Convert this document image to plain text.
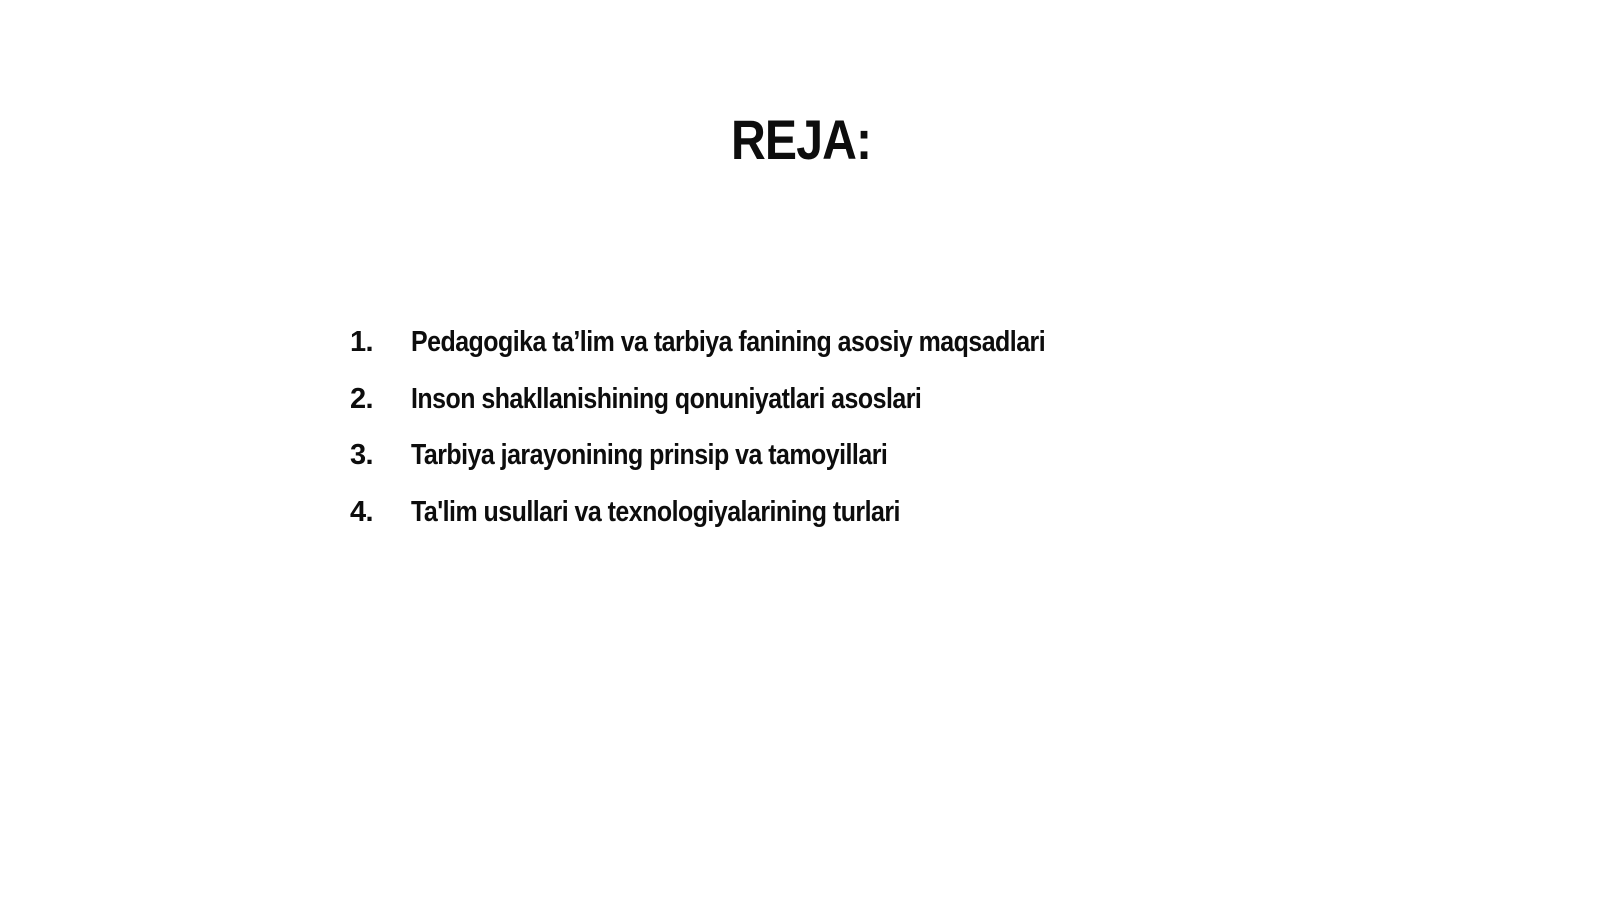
REJA:
1.	Pedagogika ta’lim va tarbiya fanining asosiy maqsadlari
2.	Inson shakllanishining qonuniyatlari asoslari
3.	Tarbiya jarayonining prinsip va tamoyillari
4.	Ta'lim usullari va texnologiyalarining turlari
